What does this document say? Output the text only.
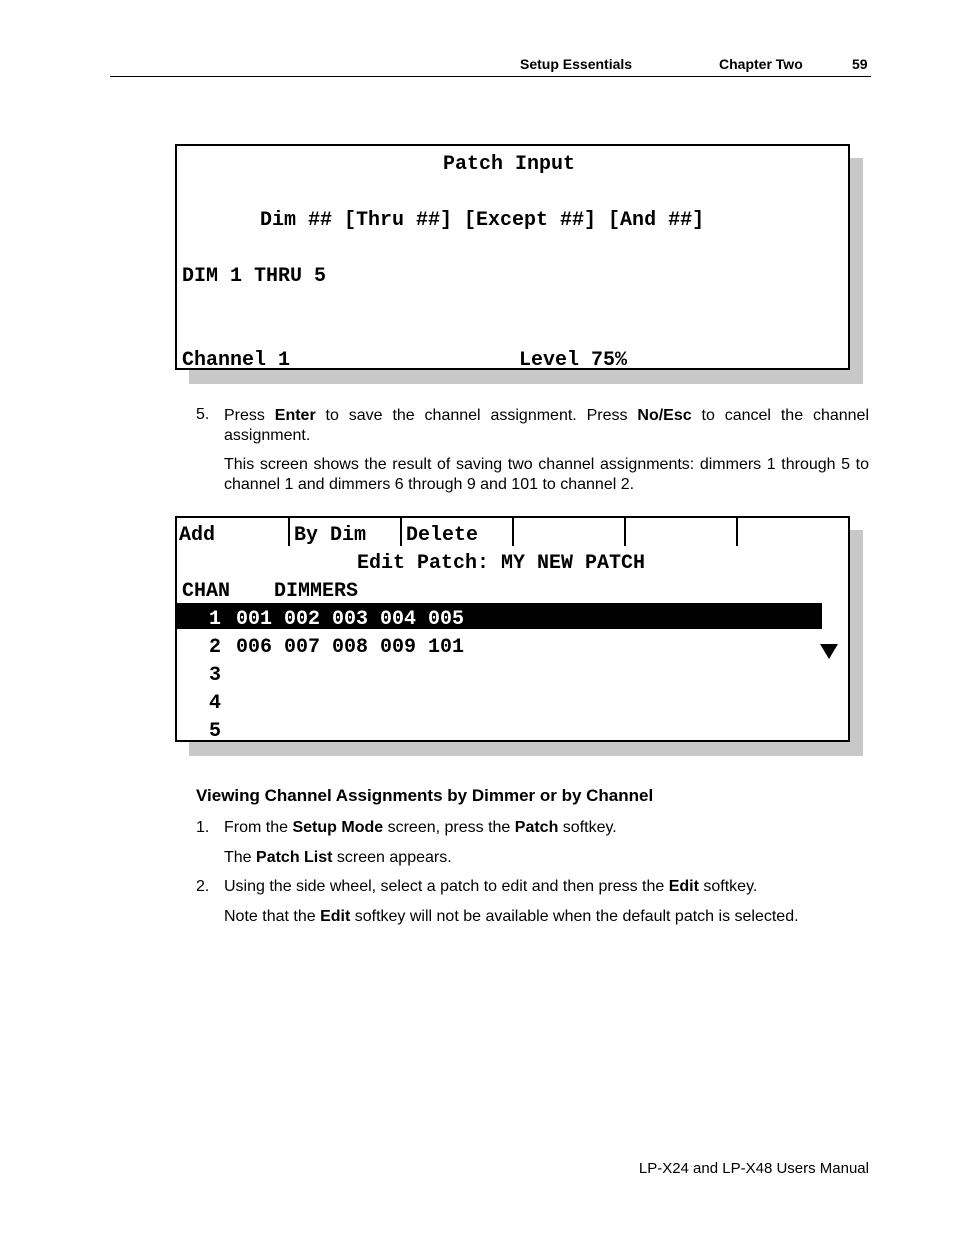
Setup Essentials	Chapter Two	59
Patch Input
Dim ## [Thru ##] [Except ##] [And ##]
DIM 1 THRU 5
Channel 1	Level 75%
5. Press Enter to save the channel assignment. Press No/Esc to cancel the channel assignment.
This screen shows the result of saving two channel assignments: dimmers 1 through 5 to channel 1 and dimmers 6 through 9 and 101 to channel 2.
Add	By Dim Delete
Edit Patch: MY NEW PATCH
CHAN DIMMERS
1 001 002 003 004 005
2 006 007 008 009 101
3
4
5
Viewing Channel Assignments by Dimmer or by Channel
1. From the Setup Mode screen, press the Patch softkey.
The Patch List screen appears.
2. Using the side wheel, select a patch to edit and then press the Edit softkey.
Note that the Edit softkey will not be available when the default patch is selected.
LP-X24 and LP-X48 Users Manual
